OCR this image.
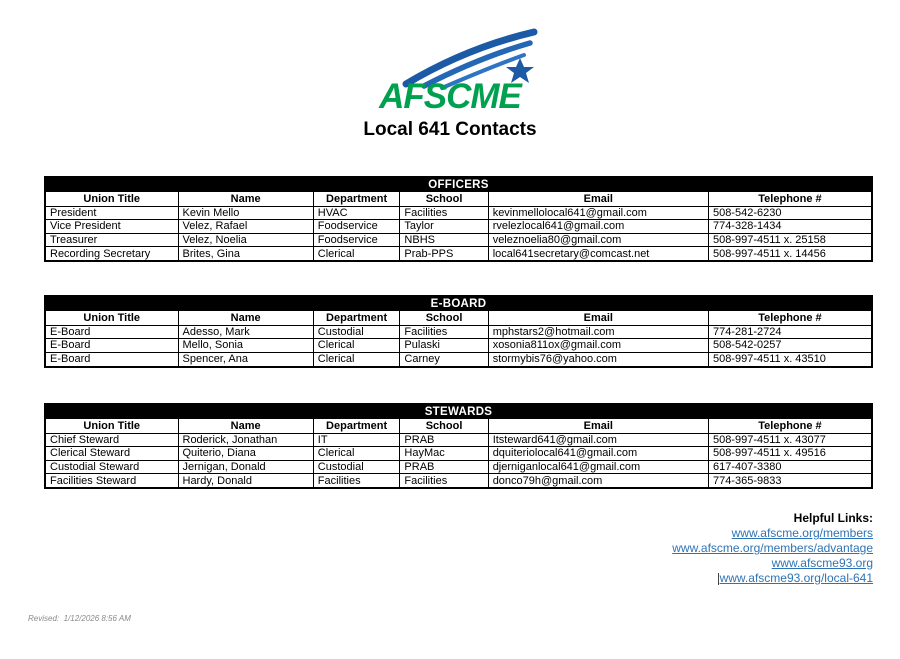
AFSCME
Local 641 Contacts
OFFICERS
Union Title	Name	Department	School	Email	Telephone #
President	Kevin Mello	HVAC	Facilities	kevinmellolocal641@gmail.com	508-542-6230
Vice President	Velez, Rafael	Foodservice	Taylor	rvelezlocal641@gmail.com	774-328-1434
Treasurer	Velez, Noelia	Foodservice	NBHS	veleznoelia80@gmail.com	508-997-4511 x. 25158
Recording Secretary	Brites, Gina	Clerical	Prab-PPS	local641secretary@comcast.net	508-997-4511 x. 14456
E-BOARD
Union Title	Name	Department	School	Email	Telephone #
E-Board	Adesso, Mark	Custodial	Facilities	mphstars2@hotmail.com	774-281-2724
E-Board	Mello, Sonia	Clerical	Pulaski	xosonia811ox@gmail.com	508-542-0257
E-Board	Spencer, Ana	Clerical	Carney	stormybis76@yahoo.com	508-997-4511 x. 43510
STEWARDS
Union Title	Name	Department	School	Email	Telephone #
Chief Steward	Roderick, Jonathan	IT	PRAB	Itsteward641@gmail.com	508-997-4511 x. 43077
Clerical Steward	Quiterio, Diana	Clerical	HayMac	dquiteriolocal641@gmail.com	508-997-4511 x. 49516
Custodial Steward	Jernigan, Donald	Custodial	PRAB	djerniganlocal641@gmail.com	617-407-3380
Facilities Steward	Hardy, Donald	Facilities	Facilities	donco79h@gmail.com	774-365-9833
Helpful Links:
www.afscme.org/members
www.afscme.org/members/advantage
www.afscme93.org
www.afscme93.org/local-641
Revised:  1/12/2026 8:56 AM
